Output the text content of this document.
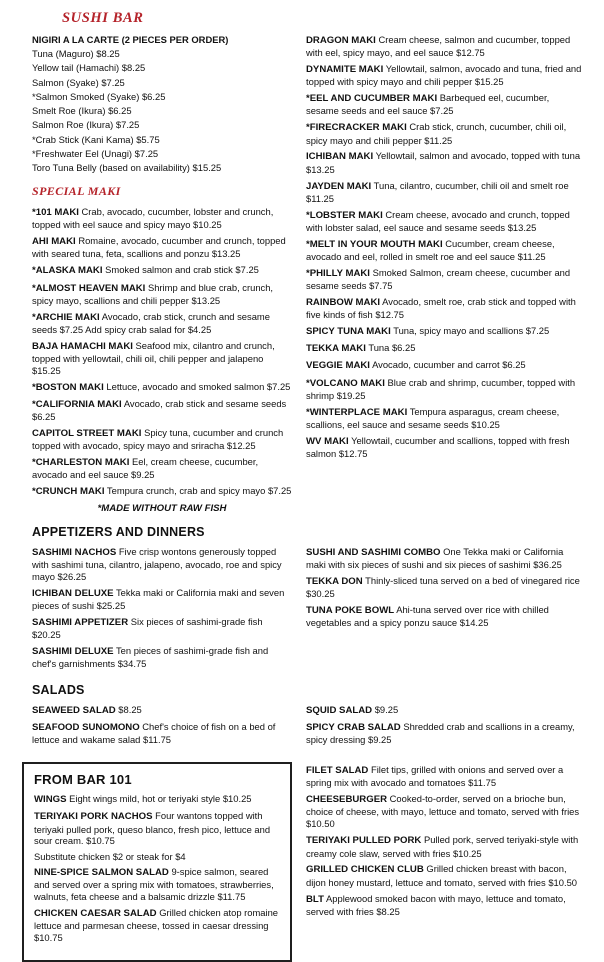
SUSHI BAR

NIGIRI A LA CARTE (2 PIECES PER ORDER)

Tuna (Maguro) $8.25

Yellow tail (Hamachi) $8.25

Salmon (Syake) $7.25

*Salmon Smoked (Syake) $6.25

Smelt Roe (Ikura) $6.25

Salmon Roe (Ikura) $7.25

*Crab Stick (Kani Kama) $5.75

*Freshwater Eel (Unagi) $7.25

Toro Tuna Belly (based on availability) $15.25

SPECIAL MAKI

*101 MAKI Crab, avocado, cucumber, lobster and crunch, topped with eel sauce and spicy mayo $10.25

AHI MAKI Romaine, avocado, cucumber and crunch, topped with seared tuna, feta, scallions and ponzu $13.25

*ALASKA MAKI Smoked salmon and crab stick $7.25

*ALMOST HEAVEN MAKI Shrimp and blue crab, crunch, spicy mayo, scallions and chili pepper $13.25

*ARCHIE MAKI Avocado, crab stick, crunch and sesame seeds $7.25 Add spicy crab salad for $4.25

BAJA HAMACHI MAKI Seafood mix, cilantro and crunch, topped with yellowtail, chili oil, chili pepper and jalapeno $15.25

*BOSTON MAKI Lettuce, avocado and smoked salmon $7.25

*CALIFORNIA MAKI Avocado, crab stick and sesame seeds $6.25

CAPITOL STREET MAKI Spicy tuna, cucumber and crunch topped with avocado, spicy mayo and sriracha $12.25

*CHARLESTON MAKI Eel, cream cheese, cucumber, avocado and eel sauce $9.25

*CRUNCH MAKI Tempura crunch, crab and spicy mayo $7.25

*MADE WITHOUT RAW FISH

DRAGON MAKI Cream cheese, salmon and cucumber, topped with eel, spicy mayo, and eel sauce $12.75

DYNAMITE MAKI Yellowtail, salmon, avocado and tuna, fried and topped with spicy mayo and chili pepper $15.25

*EEL AND CUCUMBER MAKI Barbequed eel, cucumber, sesame seeds and eel sauce $7.25

*FIRECRACKER MAKI Crab stick, crunch, cucumber, chili oil, spicy mayo and chili pepper $11.25

ICHIBAN MAKI Yellowtail, salmon and avocado, topped with tuna $13.25

JAYDEN MAKI Tuna, cilantro, cucumber, chili oil and smelt roe $11.25

*LOBSTER MAKI Cream cheese, avocado and crunch, topped with lobster salad, eel sauce and sesame seeds $13.25

*MELT IN YOUR MOUTH MAKI Cucumber, cream cheese, avocado and eel, rolled in smelt roe and eel sauce $11.25

*PHILLY MAKI Smoked Salmon, cream cheese, cucumber and sesame seeds $7.75

RAINBOW MAKI Avocado, smelt roe, crab stick and topped with five kinds of fish $12.75

SPICY TUNA MAKI Tuna, spicy mayo and scallions $7.25

TEKKA MAKI Tuna $6.25

VEGGIE MAKI Avocado, cucumber and carrot $6.25

*VOLCANO MAKI Blue crab and shrimp, cucumber, topped with shrimp $19.25

*WINTERPLACE MAKI Tempura asparagus, cream cheese, scallions, eel sauce and sesame seeds $10.25

WV MAKI Yellowtail, cucumber and scallions, topped with fresh salmon $12.75

APPETIZERS AND DINNERS

SASHIMI NACHOS Five crisp wontons generously topped with sashimi tuna, cilantro, jalapeno, avocado, roe and spicy mayo $26.25

ICHIBAN DELUXE Tekka maki or California maki and seven pieces of sushi $25.25

SASHIMI APPETIZER Six pieces of sashimi-grade fish $20.25

SASHIMI DELUXE Ten pieces of sashimi-grade fish and chef's garnishments $34.75

SUSHI AND SASHIMI COMBO One Tekka maki or California maki with six pieces of sushi and six pieces of sashimi $36.25

TEKKA DON Thinly-sliced tuna served on a bed of vinegared rice $30.25

TUNA POKE BOWL Ahi-tuna served over rice with chilled vegetables and a spicy ponzu sauce $14.25

SALADS

SEAWEED SALAD $8.25

SEAFOOD SUNOMONO Chef's choice of fish on a bed of lettuce and wakame salad $11.75

SQUID SALAD $9.25

SPICY CRAB SALAD Shredded crab and scallions in a creamy, spicy dressing $9.25

FROM BAR 101

WINGS Eight wings mild, hot or teriyaki style $10.25

TERIYAKI PORK NACHOS Four wantons topped with teriyaki pulled pork, queso blanco, fresh pico, lettuce and sour cream. $10.75

Substitute chicken $2 or steak for $4

NINE-SPICE SALMON SALAD 9-spice salmon, seared and served over a spring mix with tomatoes, strawberries, walnuts, feta cheese and a balsamic drizzle $11.75

CHICKEN CAESAR SALAD Grilled chicken atop romaine lettuce and parmesan cheese, tossed in caesar dressing $10.75

FILET SALAD Filet tips, grilled with onions and served over a spring mix with avocado and tomatoes $11.75

CHEESEBURGER Cooked-to-order, served on a brioche bun, choice of cheese, with mayo, lettuce and tomato, served with fries $10.50

TERIYAKI PULLED PORK Pulled pork, served teriyaki-style with creamy cole slaw, served with fries $10.25

GRILLED CHICKEN CLUB Grilled chicken breast with bacon, dijon honey mustard, lettuce and tomato, served with fries $10.50

BLT Applewood smoked bacon with mayo, lettuce and tomato, served with fries $8.25
